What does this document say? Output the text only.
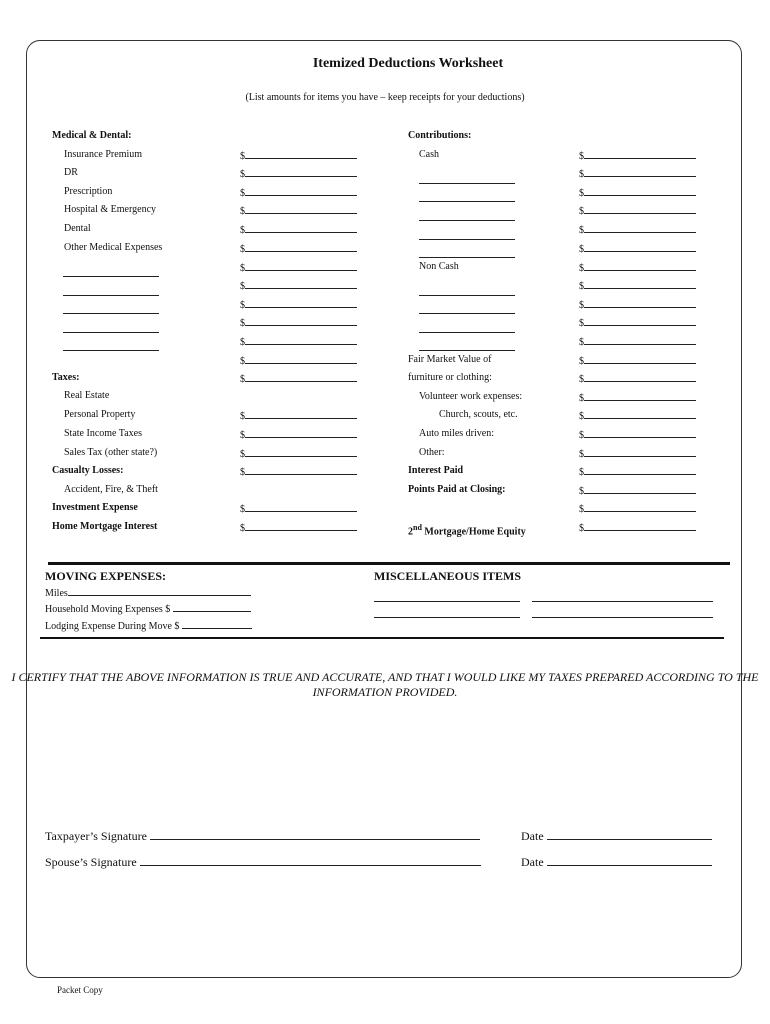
Itemized Deductions Worksheet
(List amounts for items you have – keep receipts for your deductions)
Medical & Dental:
Insurance Premium
DR
Prescription
Hospital & Emergency
Dental
Other Medical Expenses
Taxes:
Real Estate
Personal Property
State Income Taxes
Sales Tax (other state?)
Casualty Losses:
Accident, Fire, & Theft
Investment Expense
Home Mortgage Interest
$
$
$
$
$
$
$
$
$
$
$
$
$
$
$
$
$
$
$
Contributions:
Cash
Non Cash
Fair Market Value of
furniture or clothing:
Volunteer work expenses:
Church, scouts, etc.
Auto miles driven:
Other:
Interest Paid
Points Paid at Closing:
2nd Mortgage/Home Equity
$
$
$
$
$
$
$
$
$
$
$
$
$
$
$
$
$
$
$
$
$
MOVING EXPENSES:
Miles
Household Moving Expenses $
Lodging Expense During Move $
MISCELLANEOUS ITEMS
I CERTIFY THAT THE ABOVE INFORMATION IS TRUE AND ACCURATE, AND THAT I WOULD LIKE MY TAXES PREPARED ACCORDING TO THE INFORMATION PROVIDED.
Taxpayer’s Signature	Date
Spouse’s Signature	Date
Packet Copy
